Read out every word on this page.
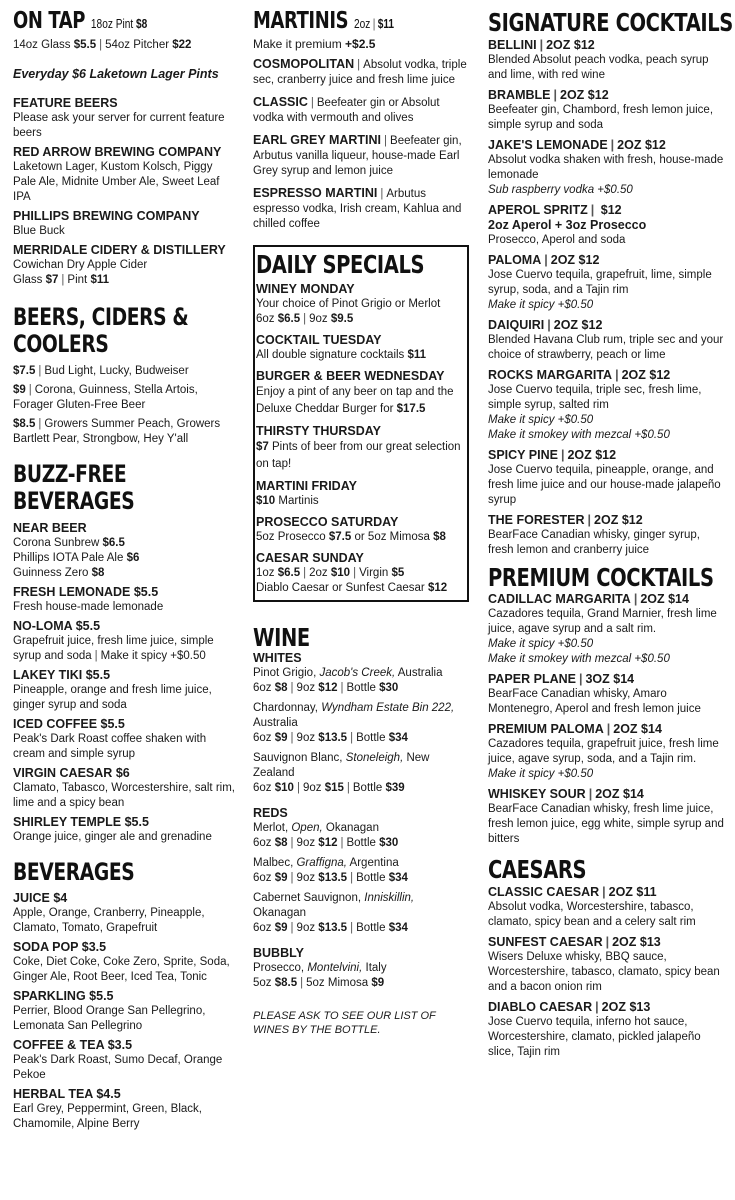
ON TAP 18oz Pint $8
14oz Glass $5.5 | 54oz Pitcher $22
Everyday $6 Laketown Lager Pints
FEATURE BEERS
Please ask your server for current feature beers
RED ARROW BREWING COMPANY
Laketown Lager, Kustom Kolsch, Piggy Pale Ale, Midnite Umber Ale, Sweet Leaf IPA
PHILLIPS BREWING COMPANY
Blue Buck
MERRIDALE CIDERY & DISTILLERY
Cowichan Dry Apple Cider
Glass $7 | Pint $11
BEERS, CIDERS & COOLERS
$7.5 | Bud Light, Lucky, Budweiser
$9 | Corona, Guinness, Stella Artois, Forager Gluten-Free Beer
$8.5 | Growers Summer Peach, Growers Bartlett Pear, Strongbow, Hey Y'all
BUZZ-FREE BEVERAGES
NEAR BEER
Corona Sunbrew $6.5
Phillips IOTA Pale Ale $6
Guinness Zero $8
FRESH LEMONADE $5.5
Fresh house-made lemonade
NO-LOMA $5.5
Grapefruit juice, fresh lime juice, simple syrup and soda | Make it spicy +$0.50
LAKEY TIKI $5.5
Pineapple, orange and fresh lime juice, ginger syrup and soda
ICED COFFEE $5.5
Peak's Dark Roast coffee shaken with cream and simple syrup
VIRGIN CAESAR $6
Clamato, Tabasco, Worcestershire, salt rim, lime and a spicy bean
SHIRLEY TEMPLE $5.5
Orange juice, ginger ale and grenadine
BEVERAGES
JUICE $4
Apple, Orange, Cranberry, Pineapple, Clamato, Tomato, Grapefruit
SODA POP $3.5
Coke, Diet Coke, Coke Zero, Sprite, Soda, Ginger Ale, Root Beer, Iced Tea, Tonic
SPARKLING $5.5
Perrier, Blood Orange San Pellegrino, Lemonata San Pellegrino
COFFEE & TEA $3.5
Peak's Dark Roast, Sumo Decaf, Orange Pekoe
HERBAL TEA $4.5
Earl Grey, Peppermint, Green, Black, Chamomile, Alpine Berry
MARTINIS 2oz | $11
Make it premium +$2.5
COSMOPOLITAN | Absolut vodka, triple sec, cranberry juice and fresh lime juice
CLASSIC | Beefeater gin or Absolut vodka with vermouth and olives
EARL GREY MARTINI | Beefeater gin, Arbutus vanilla liqueur, house-made Earl Grey syrup and lemon juice
ESPRESSO MARTINI | Arbutus espresso vodka, Irish cream, Kahlua and chilled coffee
DAILY SPECIALS
WINEY MONDAY
Your choice of Pinot Grigio or Merlot
6oz $6.5 | 9oz $9.5
COCKTAIL TUESDAY
All double signature cocktails $11
BURGER & BEER WEDNESDAY
Enjoy a pint of any beer on tap and the Deluxe Cheddar Burger for $17.5
THIRSTY THURSDAY
$7 Pints of beer from our great selection on tap!
MARTINI FRIDAY
$10 Martinis
PROSECCO SATURDAY
5oz Prosecco $7.5 or 5oz Mimosa $8
CAESAR SUNDAY
1oz $6.5 | 2oz $10 | Virgin $5
Diablo Caesar or Sunfest Caesar $12
WINE
WHITES
Pinot Grigio, Jacob's Creek, Australia
6oz $8 | 9oz $12 | Bottle $30
Chardonnay, Wyndham Estate Bin 222, Australia
6oz $9 | 9oz $13.5 | Bottle $34
Sauvignon Blanc, Stoneleigh, New Zealand
6oz $10 | 9oz $15 | Bottle $39
REDS
Merlot, Open, Okanagan
6oz $8 | 9oz $12 | Bottle $30
Malbec, Graffigna, Argentina
6oz $9 | 9oz $13.5 | Bottle $34
Cabernet Sauvignon, Inniskillin, Okanagan
6oz $9 | 9oz $13.5 | Bottle $34
BUBBLY
Prosecco, Montelvini, Italy
5oz $8.5 | 5oz Mimosa $9
PLEASE ASK TO SEE OUR LIST OF WINES BY THE BOTTLE.
SIGNATURE COCKTAILS
BELLINI | 2OZ $12
Blended Absolut peach vodka, peach syrup and lime, with red wine
BRAMBLE | 2OZ $12
Beefeater gin, Chambord, fresh lemon juice, simple syrup and soda
JAKE'S LEMONADE | 2OZ $12
Absolut vodka shaken with fresh, house-made lemonade
Sub raspberry vodka +$0.50
APEROL SPRITZ | $12
2oz Aperol + 3oz Prosecco
Prosecco, Aperol and soda
PALOMA | 2OZ $12
Jose Cuervo tequila, grapefruit, lime, simple syrup, soda, and a Tajin rim
Make it spicy +$0.50
DAIQUIRI | 2OZ $12
Blended Havana Club rum, triple sec and your choice of strawberry, peach or lime
ROCKS MARGARITA | 2OZ $12
Jose Cuervo tequila, triple sec, fresh lime, simple syrup, salted rim
Make it spicy +$0.50
Make it smokey with mezcal +$0.50
SPICY PINE | 2OZ $12
Jose Cuervo tequila, pineapple, orange, and fresh lime juice and our house-made jalapeño syrup
THE FORESTER | 2OZ $12
BearFace Canadian whisky, ginger syrup, fresh lemon and cranberry juice
PREMIUM COCKTAILS
CADILLAC MARGARITA | 2OZ $14
Cazadores tequila, Grand Marnier, fresh lime juice, agave syrup and a salt rim.
Make it spicy +$0.50
Make it smokey with mezcal +$0.50
PAPER PLANE | 3OZ $14
BearFace Canadian whisky, Amaro Montenegro, Aperol and fresh lemon juice
PREMIUM PALOMA | 2OZ $14
Cazadores tequila, grapefruit juice, fresh lime juice, agave syrup, soda, and a Tajin rim.
Make it spicy +$0.50
WHISKEY SOUR | 2OZ $14
BearFace Canadian whisky, fresh lime juice, fresh lemon juice, egg white, simple syrup and bitters
CAESARS
CLASSIC CAESAR | 2OZ $11
Absolut vodka, Worcestershire, tabasco, clamato, spicy bean and a celery salt rim
SUNFEST CAESAR | 2OZ $13
Wisers Deluxe whisky, BBQ sauce, Worcestershire, tabasco, clamato, spicy bean and a bacon onion rim
DIABLO CAESAR | 2OZ $13
Jose Cuervo tequila, inferno hot sauce, Worcestershire, clamato, pickled jalapeño slice, Tajin rim
